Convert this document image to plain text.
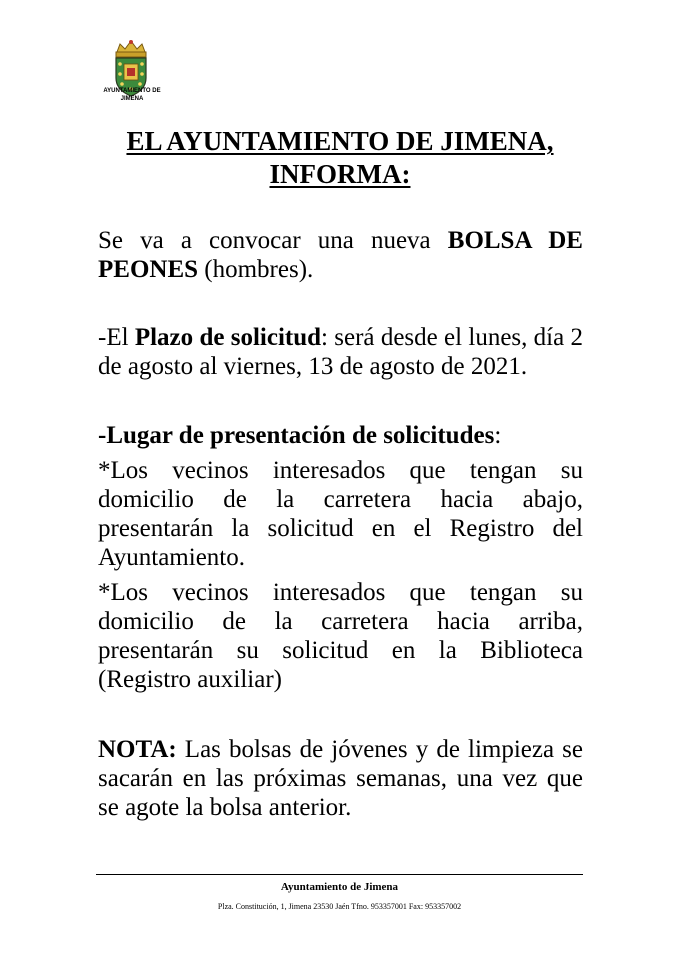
AYUNTAMIENTO DE
JIMENA
EL AYUNTAMIENTO DE JIMENA,
INFORMA:
Se va a convocar una nueva BOLSA DE PEONES (hombres).
-El Plazo de solicitud: será desde el lunes, día 2 de agosto al viernes, 13 de agosto de 2021.
-Lugar de presentación de solicitudes:
*Los vecinos interesados que tengan su domicilio de la carretera hacia abajo, presentarán la solicitud en el Registro del Ayuntamiento.
*Los vecinos interesados que tengan su domicilio de la carretera hacia arriba, presentarán su solicitud en la Biblioteca (Registro auxiliar)
NOTA: Las bolsas de jóvenes y de limpieza se sacarán en las próximas semanas, una vez que se agote la bolsa anterior.
Ayuntamiento de Jimena
Plza. Constitución, 1, Jimena 23530 Jaén Tfno. 953357001 Fax: 953357002
